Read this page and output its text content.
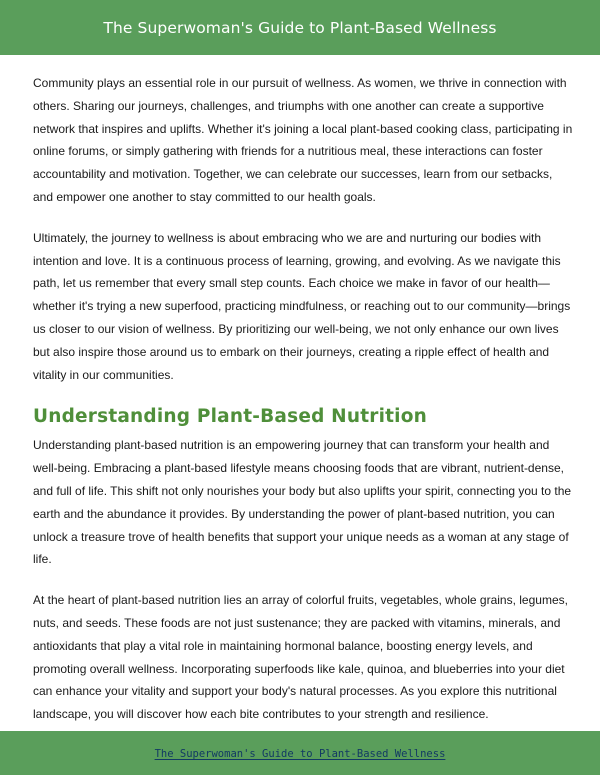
The Superwoman's Guide to Plant-Based Wellness

Community plays an essential role in our pursuit of wellness. As women, we thrive in connection with others. Sharing our journeys, challenges, and triumphs with one another can create a supportive network that inspires and uplifts. Whether it's joining a local plant-based cooking class, participating in online forums, or simply gathering with friends for a nutritious meal, these interactions can foster accountability and motivation. Together, we can celebrate our successes, learn from our setbacks, and empower one another to stay committed to our health goals.

Ultimately, the journey to wellness is about embracing who we are and nurturing our bodies with intention and love. It is a continuous process of learning, growing, and evolving. As we navigate this path, let us remember that every small step counts. Each choice we make in favor of our health—whether it's trying a new superfood, practicing mindfulness, or reaching out to our community—brings us closer to our vision of wellness. By prioritizing our well-being, we not only enhance our own lives but also inspire those around us to embark on their journeys, creating a ripple effect of health and vitality in our communities.

Understanding Plant-Based Nutrition

Understanding plant-based nutrition is an empowering journey that can transform your health and well-being. Embracing a plant-based lifestyle means choosing foods that are vibrant, nutrient-dense, and full of life. This shift not only nourishes your body but also uplifts your spirit, connecting you to the earth and the abundance it provides. By understanding the power of plant-based nutrition, you can unlock a treasure trove of health benefits that support your unique needs as a woman at any stage of life.

At the heart of plant-based nutrition lies an array of colorful fruits, vegetables, whole grains, legumes, nuts, and seeds. These foods are not just sustenance; they are packed with vitamins, minerals, and antioxidants that play a vital role in maintaining hormonal balance, boosting energy levels, and promoting overall wellness. Incorporating superfoods like kale, quinoa, and blueberries into your diet can enhance your vitality and support your body's natural processes. As you explore this nutritional landscape, you will discover how each bite contributes to your strength and resilience.

The Superwoman's Guide to Plant-Based Wellness
